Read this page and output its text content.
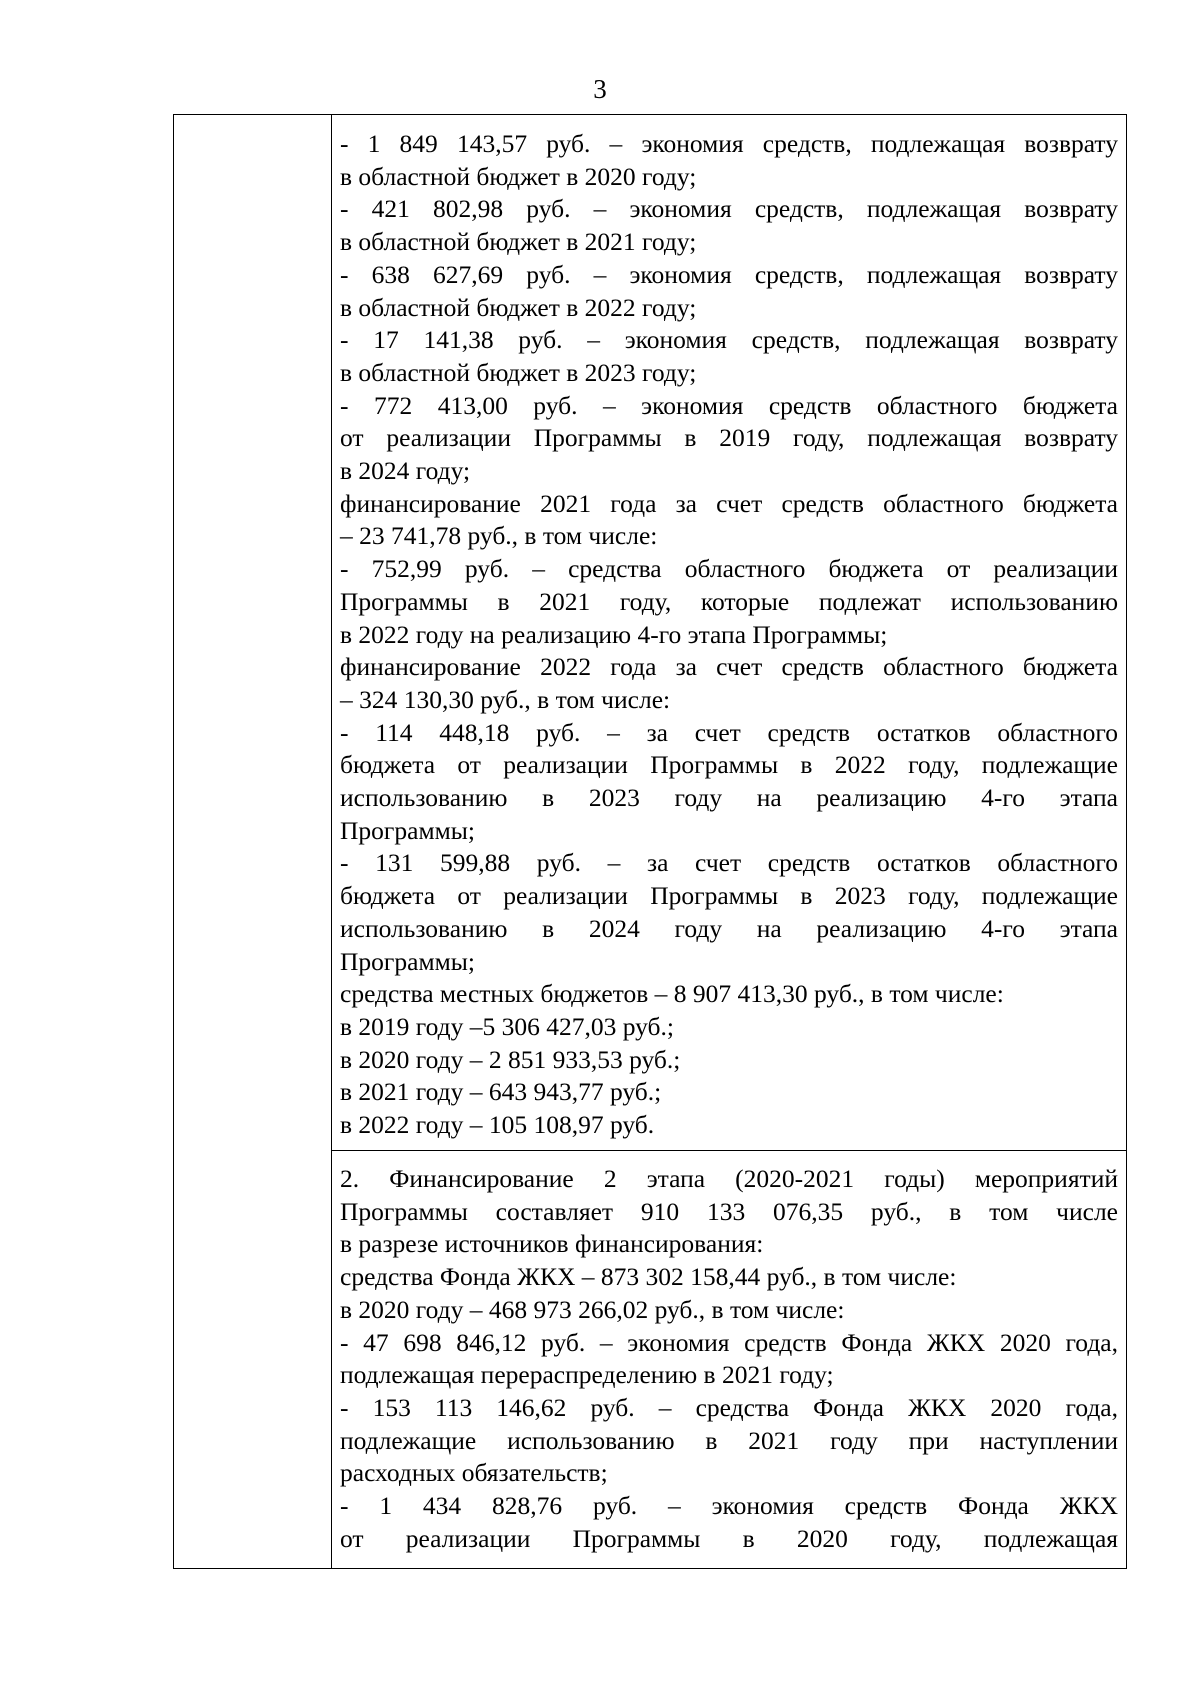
3
- 1 849 143,57 руб. – экономия средств, подлежащая возврату
в областной бюджет в 2020 году;
- 421 802,98 руб. – экономия средств, подлежащая возврату
в областной бюджет в 2021 году;
- 638 627,69 руб. – экономия средств, подлежащая возврату
в областной бюджет в 2022 году;
- 17 141,38 руб. – экономия средств, подлежащая возврату
в областной бюджет в 2023 году;
- 772 413,00 руб. – экономия средств областного бюджета
от реализации Программы в 2019 году, подлежащая возврату
в 2024 году;
финансирование 2021 года за счет средств областного бюджета
– 23 741,78 руб., в том числе:
- 752,99 руб. – средства областного бюджета от реализации
Программы в 2021 году, которые подлежат использованию
в 2022 году на реализацию 4-го этапа Программы;
финансирование 2022 года за счет средств областного бюджета
– 324 130,30 руб., в том числе:
- 114 448,18 руб. – за счет средств остатков областного
бюджета от реализации Программы в 2022 году, подлежащие
использованию в 2023 году на реализацию 4-го этапа
Программы;
- 131 599,88 руб. – за счет средств остатков областного
бюджета от реализации Программы в 2023 году, подлежащие
использованию в 2024 году на реализацию 4-го этапа
Программы;
средства местных бюджетов – 8 907 413,30 руб., в том числе:
в 2019 году –5 306 427,03 руб.;
в 2020 году – 2 851 933,53 руб.;
в 2021 году – 643 943,77 руб.;
в 2022 году – 105 108,97 руб.
2. Финансирование 2 этапа (2020-2021 годы) мероприятий
Программы составляет 910 133 076,35 руб., в том числе
в разрезе источников финансирования:
средства Фонда ЖКХ – 873 302 158,44 руб., в том числе:
в 2020 году – 468 973 266,02 руб., в том числе:
- 47 698 846,12 руб. – экономия средств Фонда ЖКХ 2020 года,
подлежащая перераспределению в 2021 году;
- 153 113 146,62 руб. – средства Фонда ЖКХ 2020 года,
подлежащие использованию в 2021 году при наступлении
расходных обязательств;
- 1 434 828,76 руб. – экономия средств Фонда ЖКХ
от реализации Программы в 2020 году, подлежащая
